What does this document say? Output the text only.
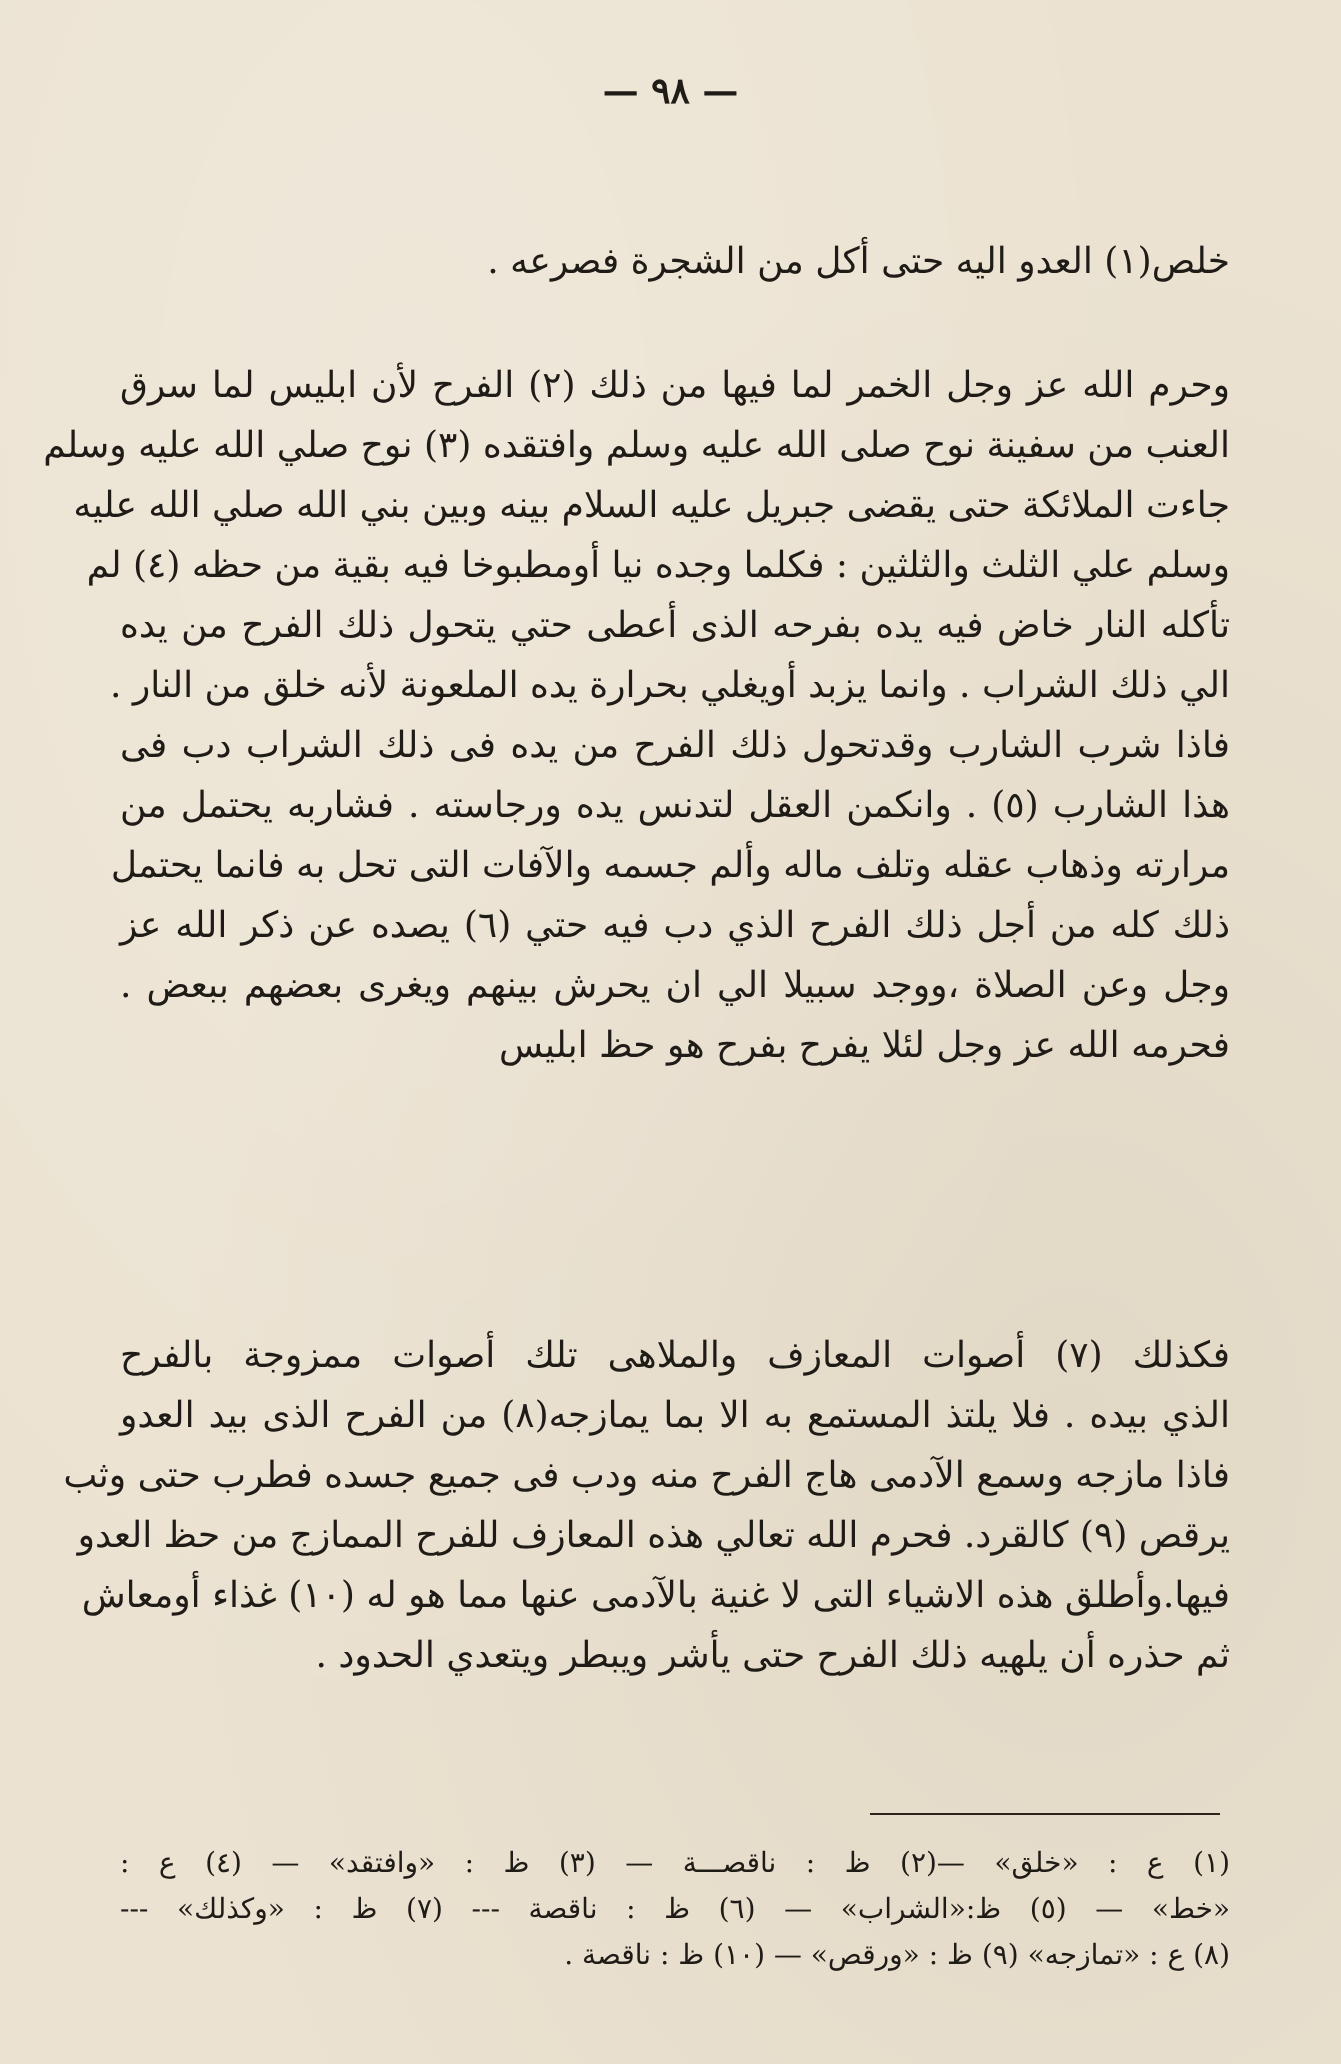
— ٩٨ —
خلص(١) العدو اليه حتى أكل من الشجرة فصرعه .
وحرم الله عز وجل الخمر لما فيها من ذلك (٢) الفرح لأن ابليس لما سرق
العنب من سفينة نوح صلى الله عليه وسلم وافتقده (٣) نوح صلي الله عليه وسلم
جاءت الملائكة حتى يقضى جبريل عليه السلام بينه وبين بني الله صلي الله عليه
وسلم علي الثلث والثلثين : فكلما وجده نيا أومطبوخا فيه بقية من حظه (٤) لم
تأكله النار خاض فيه يده بفرحه الذى أعطى حتي يتحول ذلك الفرح من يده
الي ذلك الشراب . وانما يزبد أويغلي بحرارة يده الملعونة لأنه خلق من النار .
فاذا شرب الشارب وقدتحول ذلك الفرح من يده فى ذلك الشراب دب فى
هذا الشارب (٥) . وانكمن العقل لتدنس يده ورجاسته . فشاربه يحتمل من
مرارته وذهاب عقله وتلف ماله وألم جسمه والآفات التى تحل به فانما يحتمل
ذلك كله من أجل ذلك الفرح الذي دب فيه حتي (٦) يصده عن ذكر الله عز
وجل وعن الصلاة ،ووجد سبيلا الي ان يحرش بينهم ويغرى بعضهم ببعض .
فحرمه الله عز وجل لئلا يفرح بفرح هو حظ ابليس
فكذلك (٧) أصوات المعازف والملاهى تلك أصوات ممزوجة بالفرح
الذي بيده . فلا يلتذ المستمع به الا بما يمازجه(٨) من الفرح الذى بيد العدو
فاذا مازجه وسمع الآدمى هاج الفرح منه ودب فى جميع جسده فطرب حتى وثب
يرقص (٩) كالقرد. فحرم الله تعالي هذه المعازف للفرح الممازج من حظ العدو
فيها.وأطلق هذه الاشياء التى لا غنية بالآدمى عنها مما هو له (١٠) غذاء أومعاش
ثم حذره أن يلهيه ذلك الفرح حتى يأشر ويبطر ويتعدي الحدود .
(١) ع : «خلق» —(٢) ظ : ناقصـــة — (٣) ظ : «وافتقد» — (٤) ع :
«خط» — (٥) ظ:«الشراب» — (٦) ظ : ناقصة --- (٧) ظ : «وكذلك» ---
(٨) ع : «تمازجه» (٩) ظ : «ورقص» — (١٠) ظ : ناقصة .
